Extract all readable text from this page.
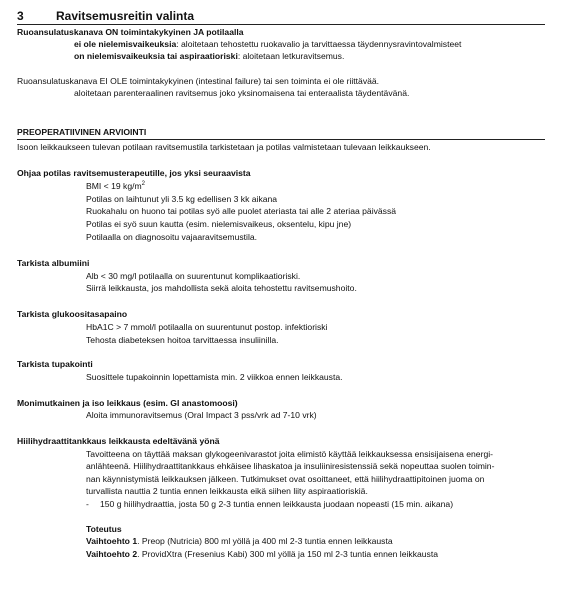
3	Ravitsemusreitin valinta
Ruoansulatuskanava ON toimintakykyinen JA potilaalla
ei ole nielemisvaikeuksia: aloitetaan tehostettu ruokavalio ja tarvittaessa täydennysravintovalmisteet
on nielemisvaikeuksia tai aspiraatioriski: aloitetaan letkuravitsemus.
Ruoansulatuskanava EI OLE toimintakykyinen (intestinal failure) tai sen toiminta ei ole riittävää.
aloitetaan parenteraalinen ravitsemus joko yksinomaisena tai enteraalista täydentävänä.
PREOPERATIIVINEN ARVIOINTI
Isoon leikkaukseen tulevan potilaan ravitsemustila tarkistetaan ja potilas valmistetaan tulevaan leikkaukseen.
Ohjaa potilas ravitsemusterapeutille, jos yksi seuraavista
BMI < 19 $kg/m^2$
Potilas on laihtunut yli 3.5 kg edellisen 3 kk aikana
Ruokahalu on huono tai potilas syö alle puolet ateriasta tai alle 2 ateriaa päivässä
Potilas ei syö suun kautta (esim. nielemisvaikeus, oksentelu, kipu jne)
Potilaalla on diagnosoitu vajaaravitsemustila.
Tarkista albumiini
Alb < 30 mg/l potilaalla on suurentunut komplikaatioriski.
Siirrä leikkausta, jos mahdollista sekä aloita tehostettu ravitsemushoito.
Tarkista glukoositasapaino
HbA1C > 7 mmol/l potilaalla on suurentunut postop. infektioriski
Tehosta diabeteksen hoitoa tarvittaessa insuliinilla.
Tarkista tupakointi
Suosittele tupakoinnin lopettamista min. 2 viikkoa ennen leikkausta.
Monimutkainen ja iso leikkaus (esim. GI anastomoosi)
Aloita immunoravitsemus (Oral Impact 3 pss/vrk ad 7-10 vrk)
Hiilihydraattitankkaus leikkausta edeltävänä yönä
Tavoitteena on täyttää maksan glykogeenivarastot joita elimistö käyttää leikkauksessa ensisijaisena energi-
anlähteenä. Hiilihydraattitankkaus ehkäisee lihaskatoa ja insuliiniresistenssiä sekä nopeuttaa suolen toimin-
nan käynnistymistä leikkauksen jälkeen. Tutkimukset ovat osoittaneet, että hiilihydraattipitoinen juoma on
turvallista nauttia 2 tuntia ennen leikkausta eikä siihen liity aspiraatioriskiä.
- 150 g hiilihydraattia, josta 50 g 2-3 tuntia ennen leikkausta juodaan nopeasti (15 min. aikana)
Toteutus
Vaihtoehto 1. Preop (Nutricia) 800 ml yöllä ja 400 ml 2-3 tuntia ennen leikkausta
Vaihtoehto 2. ProvidXtra (Fresenius Kabi) 300 ml yöllä ja 150 ml 2-3 tuntia ennen leikkausta
